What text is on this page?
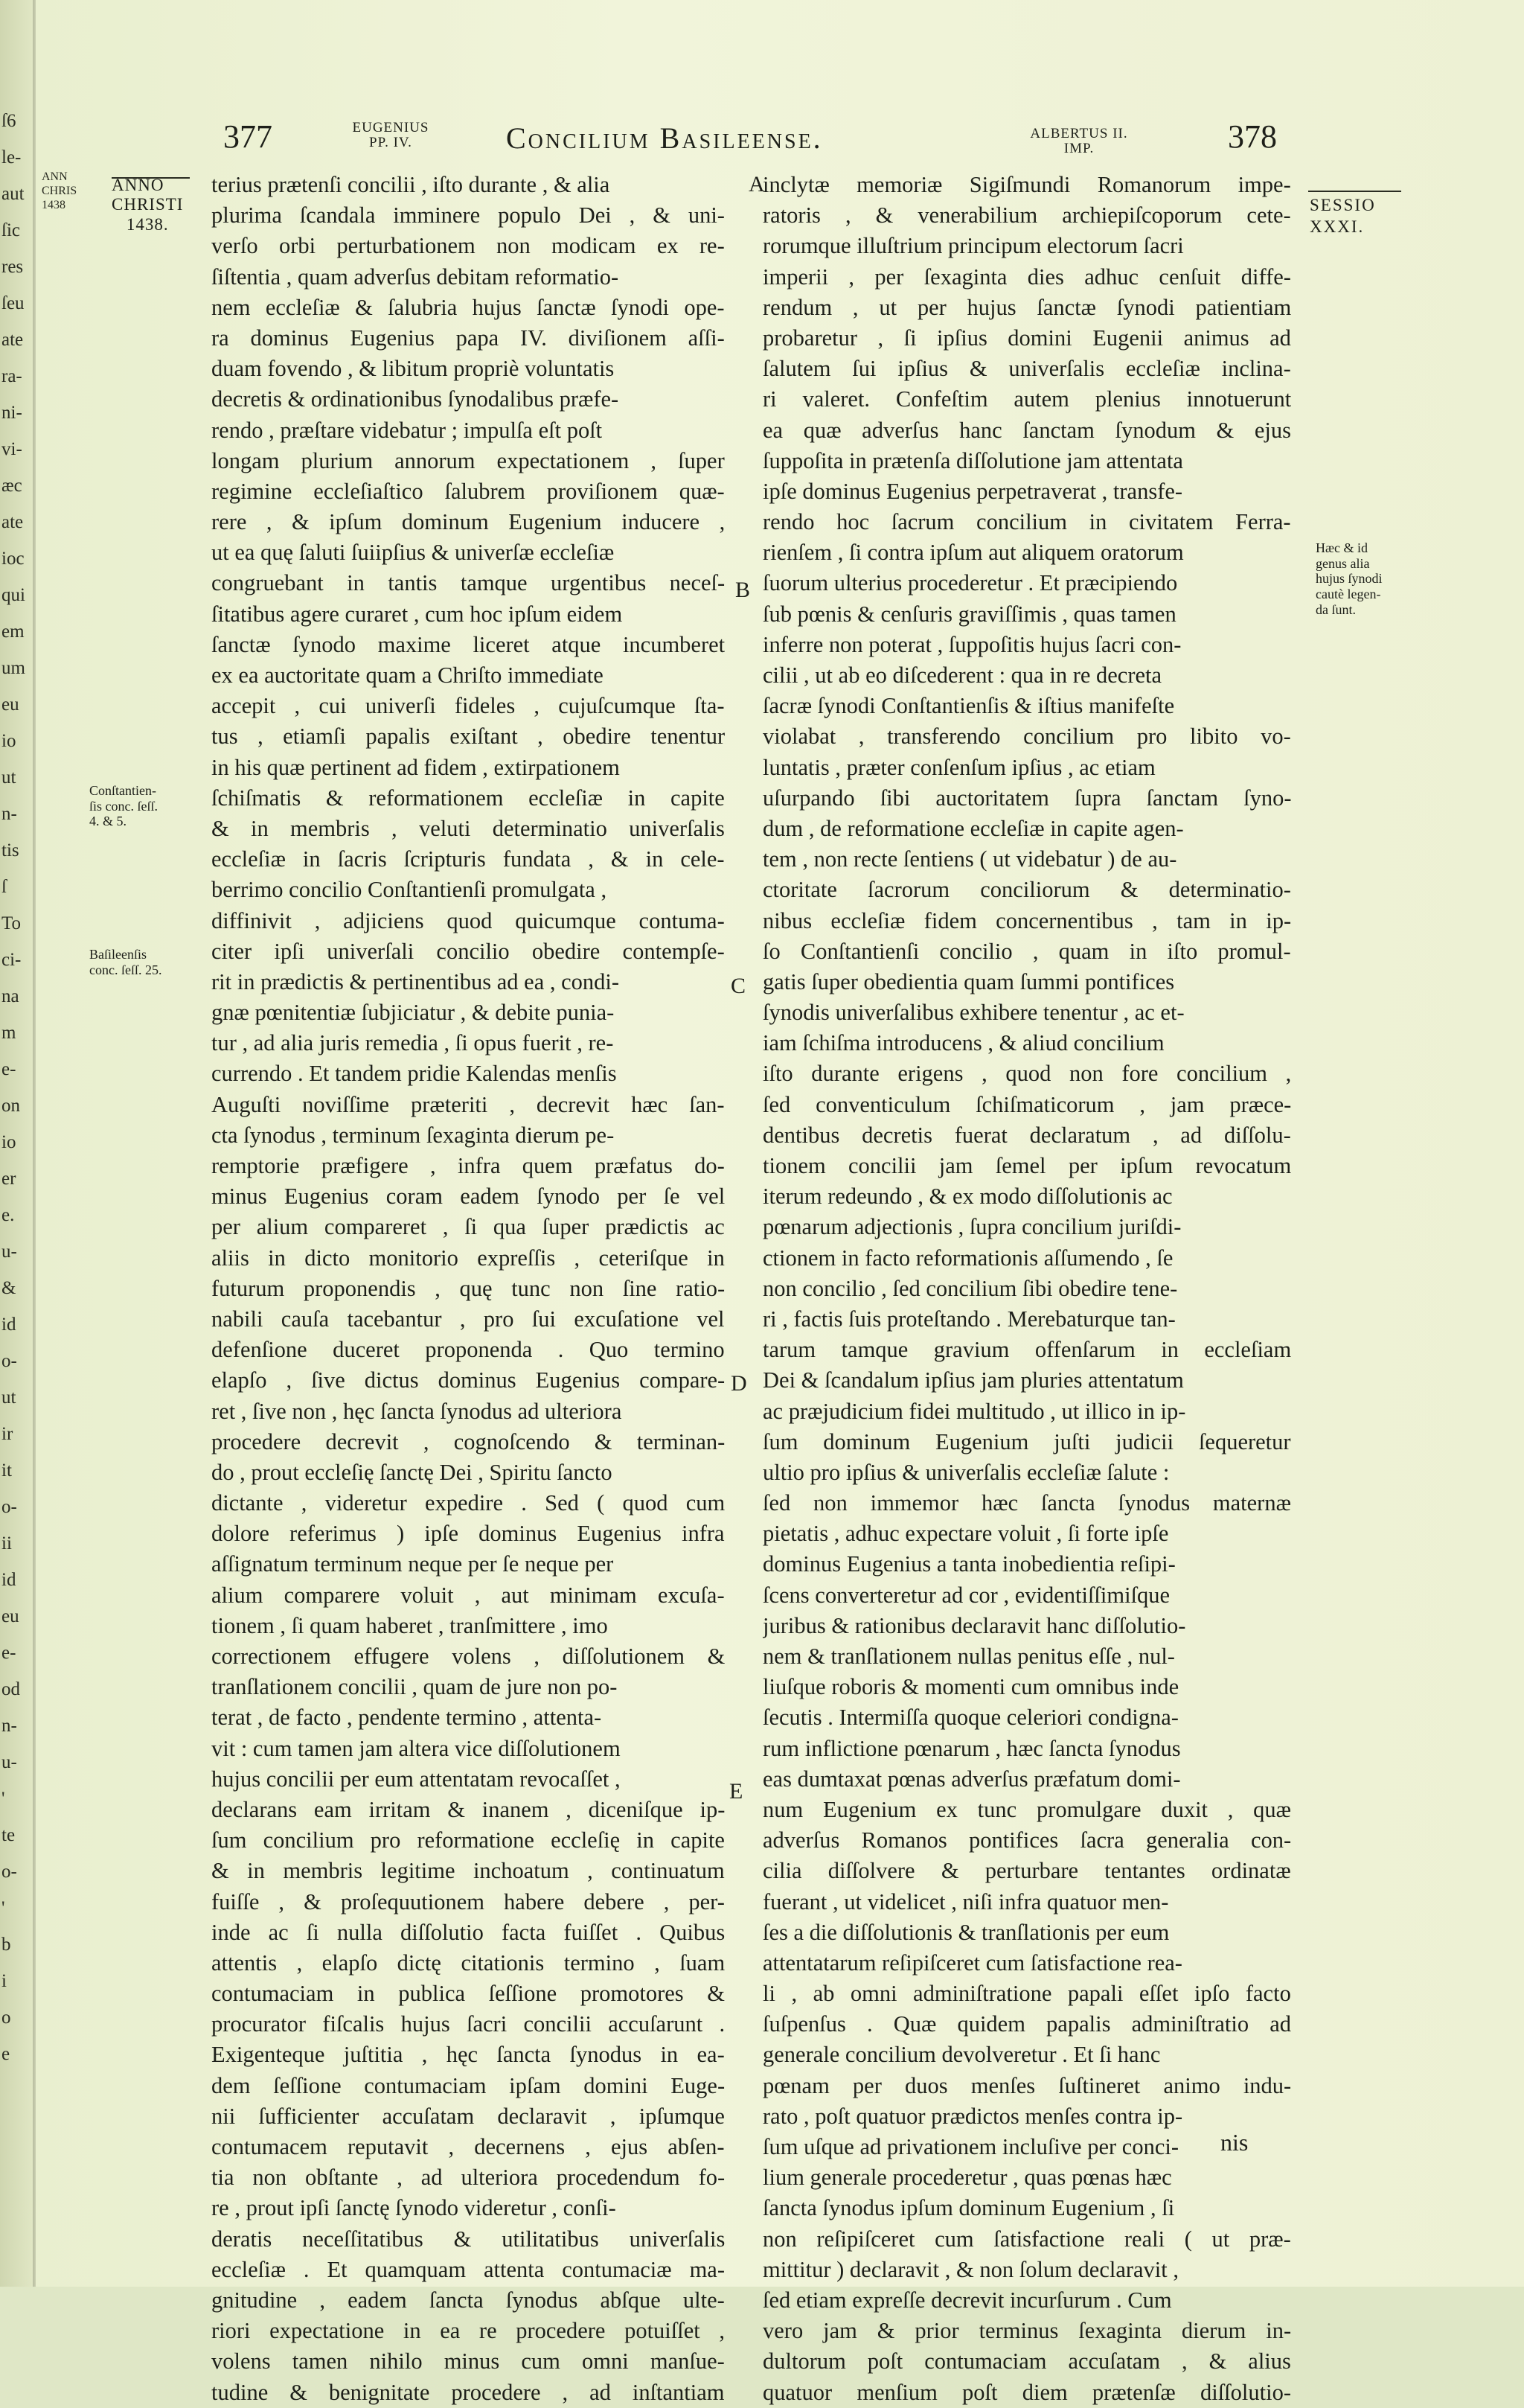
ſ6
le-
aut
ſic
res
ſeu
ate
ra-
ni-
vi-
æc
ate
ioc
qui
em
um
eu
io
ut
n-
tis
ſ
To
ci-
na
m
e-
on
io
er
e.
u-
&
id
o-
ut
ir
it
o-
ii
id
eu
e-
od
n-
u-
'
te
o-
'
b
i
o
e
ANN CHRIS 1438
377	EUGENIUS
PP. IV.	Concilium Basileense.	ALBERTUS II.
IMP.	378
ANNO
CHRISTI
1438.
Conſtantien-
ſis conc. ſeſſ.
4. & 5.
Baſileenſis
conc. ſeſſ. 25.
SESSIO
XXXI.
Hæc & id
genus alia
hujus ſynodi
cautè legen-
da ſunt.
A
B
C
D
E
terius prætenſi concilii , iſto durante , & alia
plurima ſcandala imminere populo Dei , & uni-
verſo orbi perturbationem non modicam ex re-
ſiſtentia , quam adverſus debitam reformatio-
nem eccleſiæ & ſalubria hujus ſanctæ ſynodi ope-
ra dominus Eugenius papa IV. diviſionem aſſi-
duam fovendo , & libitum propriè voluntatis
decretis & ordinationibus ſynodalibus præfe-
rendo , præſtare videbatur ; impulſa eſt poſt
longam plurium annorum expectationem , ſuper
regimine eccleſiaſtico ſalubrem proviſionem quæ-
rere , & ipſum dominum Eugenium inducere ,
ut ea quę ſaluti ſuiipſius & univerſæ eccleſiæ
congruebant in tantis tamque urgentibus neceſ-
ſitatibus agere curaret , cum hoc ipſum eidem
ſanctæ ſynodo maxime liceret atque incumberet
ex ea auctoritate quam a Chriſto immediate
accepit , cui univerſi fideles , cujuſcumque ſta-
tus , etiamſi papalis exiſtant , obedire tenentur
in his quæ pertinent ad fidem , extirpationem
ſchiſmatis & reformationem eccleſiæ in capite
& in membris , veluti determinatio univerſalis
eccleſiæ in ſacris ſcripturis fundata , & in cele-
berrimo concilio Conſtantienſi promulgata ,
diffinivit , adjiciens quod quicumque contuma-
citer ipſi univerſali concilio obedire contempſe-
rit in prædictis & pertinentibus ad ea , condi-
gnæ pœnitentiæ ſubjiciatur , & debite punia-
tur , ad alia juris remedia , ſi opus fuerit , re-
currendo . Et tandem pridie Kalendas menſis
Auguſti noviſſime præteriti , decrevit hæc ſan-
cta ſynodus , terminum ſexaginta dierum pe-
remptorie præfigere , infra quem præfatus do-
minus Eugenius coram eadem ſynodo per ſe vel
per alium compareret , ſi qua ſuper prædictis ac
aliis in dicto monitorio expreſſis , ceteriſque in
futurum proponendis , quę tunc non ſine ratio-
nabili cauſa tacebantur , pro ſui excuſatione vel
defenſione duceret proponenda . Quo termino
elapſo , ſive dictus dominus Eugenius compare-
ret , ſive non , hęc ſancta ſynodus ad ulteriora
procedere decrevit , cognoſcendo & terminan-
do , prout eccleſię ſanctę Dei , Spiritu ſancto
dictante , videretur expedire . Sed ( quod cum
dolore referimus ) ipſe dominus Eugenius infra
aſſignatum terminum neque per ſe neque per
alium comparere voluit , aut minimam excuſa-
tionem , ſi quam haberet , tranſmittere , imo
correctionem effugere volens , diſſolutionem &
tranſlationem concilii , quam de jure non po-
terat , de facto , pendente termino , attenta-
vit : cum tamen jam altera vice diſſolutionem
hujus concilii per eum attentatam revocaſſet ,
declarans eam irritam & inanem , diceniſque ip-
ſum concilium pro reformatione eccleſię in capite
& in membris legitime inchoatum , continuatum
fuiſſe , & proſequutionem habere debere , per-
inde ac ſi nulla diſſolutio facta fuiſſet . Quibus
attentis , elapſo dictę citationis termino , ſuam
contumaciam in publica ſeſſione promotores &
procurator fiſcalis hujus ſacri concilii accuſarunt .
Exigenteque juſtitia , hęc ſancta ſynodus in ea-
dem ſeſſione contumaciam ipſam domini Euge-
nii ſufficienter accuſatam declaravit , ipſumque
contumacem reputavit , decernens , ejus abſen-
tia non obſtante , ad ulteriora procedendum fo-
re , prout ipſi ſanctę ſynodo videretur , conſi-
deratis neceſſitatibus & utilitatibus univerſalis
eccleſiæ . Et quamquam attenta contumaciæ ma-
gnitudine , eadem ſancta ſynodus abſque ulte-
riori expectatione in ea re procedere potuiſſet ,
volens tamen nihilo minus cum omni manſue-
tudine & benignitate procedere , ad inſtantiam
inclytæ memoriæ Sigiſmundi Romanorum impe-
ratoris , & venerabilium archiepiſcoporum cete-
rorumque illuſtrium principum electorum ſacri
imperii , per ſexaginta dies adhuc cenſuit diffe-
rendum , ut per hujus ſanctæ ſynodi patientiam
probaretur , ſi ipſius domini Eugenii animus ad
ſalutem ſui ipſius & univerſalis eccleſiæ inclina-
ri valeret. Confeſtim autem plenius innotuerunt
ea quæ adverſus hanc ſanctam ſynodum & ejus
ſuppoſita in prætenſa diſſolutione jam attentata
ipſe dominus Eugenius perpetraverat , transfe-
rendo hoc ſacrum concilium in civitatem Ferra-
rienſem , ſi contra ipſum aut aliquem oratorum
ſuorum ulterius procederetur . Et præcipiendo
ſub pœnis & cenſuris graviſſimis , quas tamen
inferre non poterat , ſuppoſitis hujus ſacri con-
cilii , ut ab eo diſcederent : qua in re decreta
ſacræ ſynodi Conſtantienſis & iſtius manifeſte
violabat , transferendo concilium pro libito vo-
luntatis , præter conſenſum ipſius , ac etiam
uſurpando ſibi auctoritatem ſupra ſanctam ſyno-
dum , de reformatione eccleſiæ in capite agen-
tem , non recte ſentiens ( ut videbatur ) de au-
ctoritate ſacrorum conciliorum & determinatio-
nibus eccleſiæ fidem concernentibus , tam in ip-
ſo Conſtantienſi concilio , quam in iſto promul-
gatis ſuper obedientia quam ſummi pontifices
ſynodis univerſalibus exhibere tenentur , ac et-
iam ſchiſma introducens , & aliud concilium
iſto durante erigens , quod non fore concilium ,
ſed conventiculum ſchiſmaticorum , jam præce-
dentibus decretis fuerat declaratum , ad diſſolu-
tionem concilii jam ſemel per ipſum revocatum
iterum redeundo , & ex modo diſſolutionis ac
pœnarum adjectionis , ſupra concilium juriſdi-
ctionem in facto reformationis aſſumendo , ſe
non concilio , ſed concilium ſibi obedire tene-
ri , factis ſuis proteſtando . Merebaturque tan-
tarum tamque gravium offenſarum in eccleſiam
Dei & ſcandalum ipſius jam pluries attentatum
ac præjudicium fidei multitudo , ut illico in ip-
ſum dominum Eugenium juſti judicii ſequeretur
ultio pro ipſius & univerſalis eccleſiæ ſalute :
ſed non immemor hæc ſancta ſynodus maternæ
pietatis , adhuc expectare voluit , ſi forte ipſe
dominus Eugenius a tanta inobedientia reſipi-
ſcens converteretur ad cor , evidentiſſimiſque
juribus & rationibus declaravit hanc diſſolutio-
nem & tranſlationem nullas penitus eſſe , nul-
liuſque roboris & momenti cum omnibus inde
ſecutis . Intermiſſa quoque celeriori condigna-
rum inflictione pœnarum , hæc ſancta ſynodus
eas dumtaxat pœnas adverſus præfatum domi-
num Eugenium ex tunc promulgare duxit , quæ
adverſus Romanos pontifices ſacra generalia con-
cilia diſſolvere & perturbare tentantes ordinatæ
fuerant , ut videlicet , niſi infra quatuor men-
ſes a die diſſolutionis & tranſlationis per eum
attentatarum reſipiſceret cum ſatisfactione rea-
li , ab omni adminiſtratione papali eſſet ipſo facto
ſuſpenſus . Quæ quidem papalis adminiſtratio ad
generale concilium devolveretur . Et ſi hanc
pœnam per duos menſes ſuſtineret animo indu-
rato , poſt quatuor prædictos menſes contra ip-
ſum uſque ad privationem incluſive per conci-
lium generale procederetur , quas pœnas hæc
ſancta ſynodus ipſum dominum Eugenium , ſi
non reſipiſceret cum ſatisfactione reali ( ut præ-
mittitur ) declaravit , & non ſolum declaravit ,
ſed etiam expreſſe decrevit incurſurum . Cum
vero jam & prior terminus ſexaginta dierum in-
dultorum poſt contumaciam accuſatam , & alius
quatuor menſium poſt diem prætenſæ diſſolutio-
nis
